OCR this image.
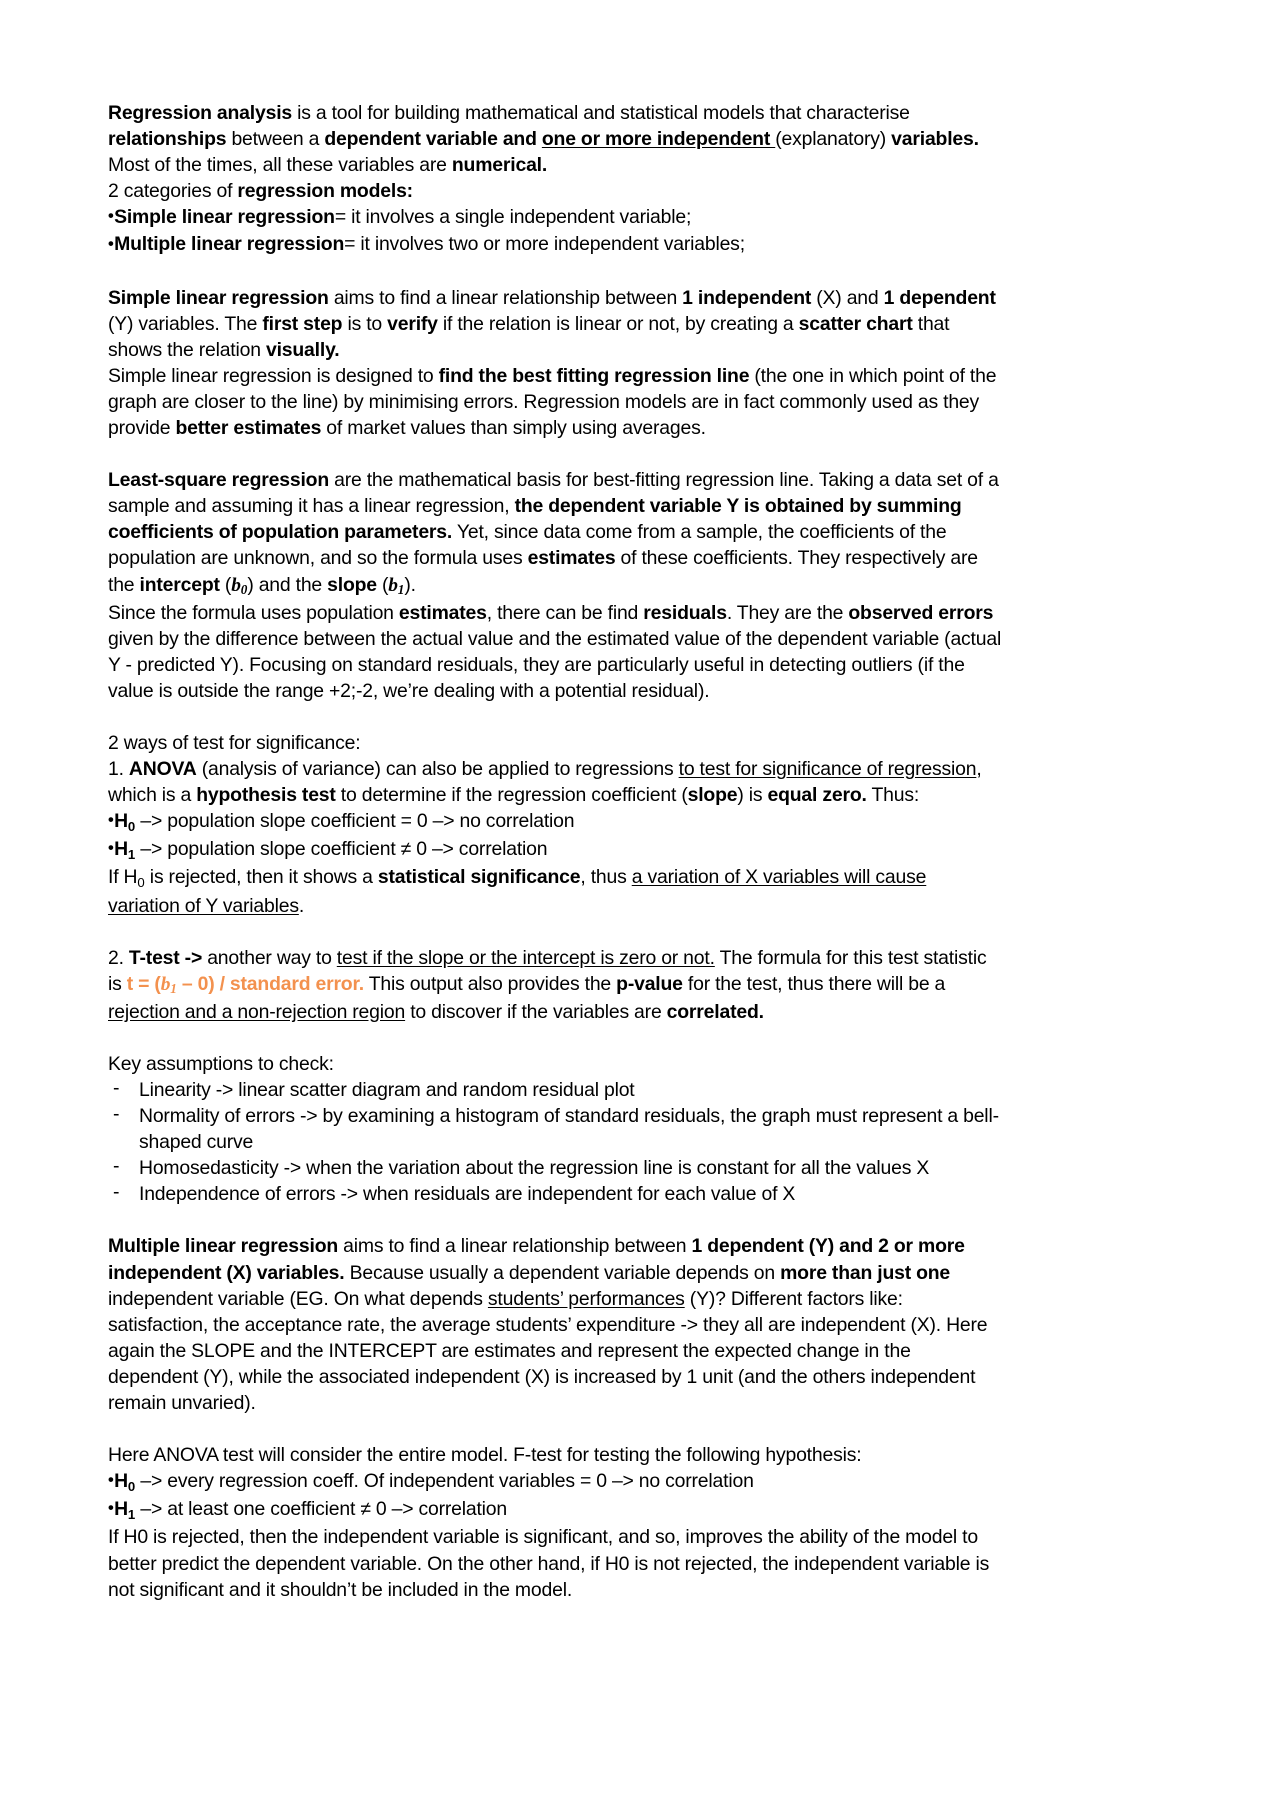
Regression analysis is a tool for building mathematical and statistical models that characterise relationships between a dependent variable and one or more independent (explanatory) variables. Most of the times, all these variables are numerical.
2 categories of regression models:
• Simple linear regression= it involves a single independent variable;
• Multiple linear regression= it involves two or more independent variables;

Simple linear regression aims to find a linear relationship between 1 independent (X) and 1 dependent (Y) variables. The first step is to verify if the relation is linear or not, by creating a scatter chart that shows the relation visually.
Simple linear regression is designed to find the best fitting regression line (the one in which point of the graph are closer to the line) by minimising errors. Regression models are in fact commonly used as they provide better estimates of market values than simply using averages.

Least-square regression are the mathematical basis for best-fitting regression line. Taking a data set of a sample and assuming it has a linear regression, the dependent variable Y is obtained by summing coefficients of population parameters. Yet, since data come from a sample, the coefficients of the population are unknown, and so the formula uses estimates of these coefficients. They respectively are the intercept $(b_0)$ and the slope $(b_1)$.
Since the formula uses population estimates, there can be find residuals. They are the observed errors given by the difference between the actual value and the estimated value of the dependent variable (actual Y - predicted Y). Focusing on standard residuals, they are particularly useful in detecting outliers (if the value is outside the range +2;-2, we’re dealing with a potential residual).

2 ways of test for significance:
1. ANOVA (analysis of variance) can also be applied to regressions to test for significance of regression, which is a hypothesis test to determine if the regression coefficient (slope) is equal zero. Thus:
• $H_0$ –> population slope coefficient = 0 –> no correlation
• $H_1$ –> population slope coefficient ≠ 0 –> correlation
If $H_0$ is rejected, then it shows a statistical significance, thus a variation of X variables will cause variation of Y variables.

2. T-test -> another way to test if the slope or the intercept is zero or not. The formula for this test statistic is $t = (b_1 - 0)$ / standard error. This output also provides the p-value for the test, thus there will be a rejection and a non-rejection region to discover if the variables are correlated.

Key assumptions to check:

-
Linearity -> linear scatter diagram and random residual plot
-
Normality of errors -> by examining a histogram of standard residuals, the graph must represent a bell-shaped curve
-
Homosedasticity -> when the variation about the regression line is constant for all the values X
-
Independence of errors -> when residuals are independent for each value of X

Multiple linear regression aims to find a linear relationship between 1 dependent (Y) and 2 or more independent (X) variables. Because usually a dependent variable depends on more than just one independent variable (EG. On what depends students’ performances (Y)? Different factors like: satisfaction, the acceptance rate, the average students’ expenditure -> they all are independent (X). Here again the SLOPE and the INTERCEPT are estimates and represent the expected change in the dependent (Y), while the associated independent (X) is increased by 1 unit (and the others independent remain unvaried).

Here ANOVA test will consider the entire model. F-test for testing the following hypothesis:
• $H_0$ –> every regression coeff. Of independent variables = 0 –> no correlation
• $H_1$ –> at least one coefficient ≠ 0 –> correlation
If H0 is rejected, then the independent variable is significant, and so, improves the ability of the model to better predict the dependent variable. On the other hand, if H0 is not rejected, the independent variable is not significant and it shouldn’t be included in the model.
